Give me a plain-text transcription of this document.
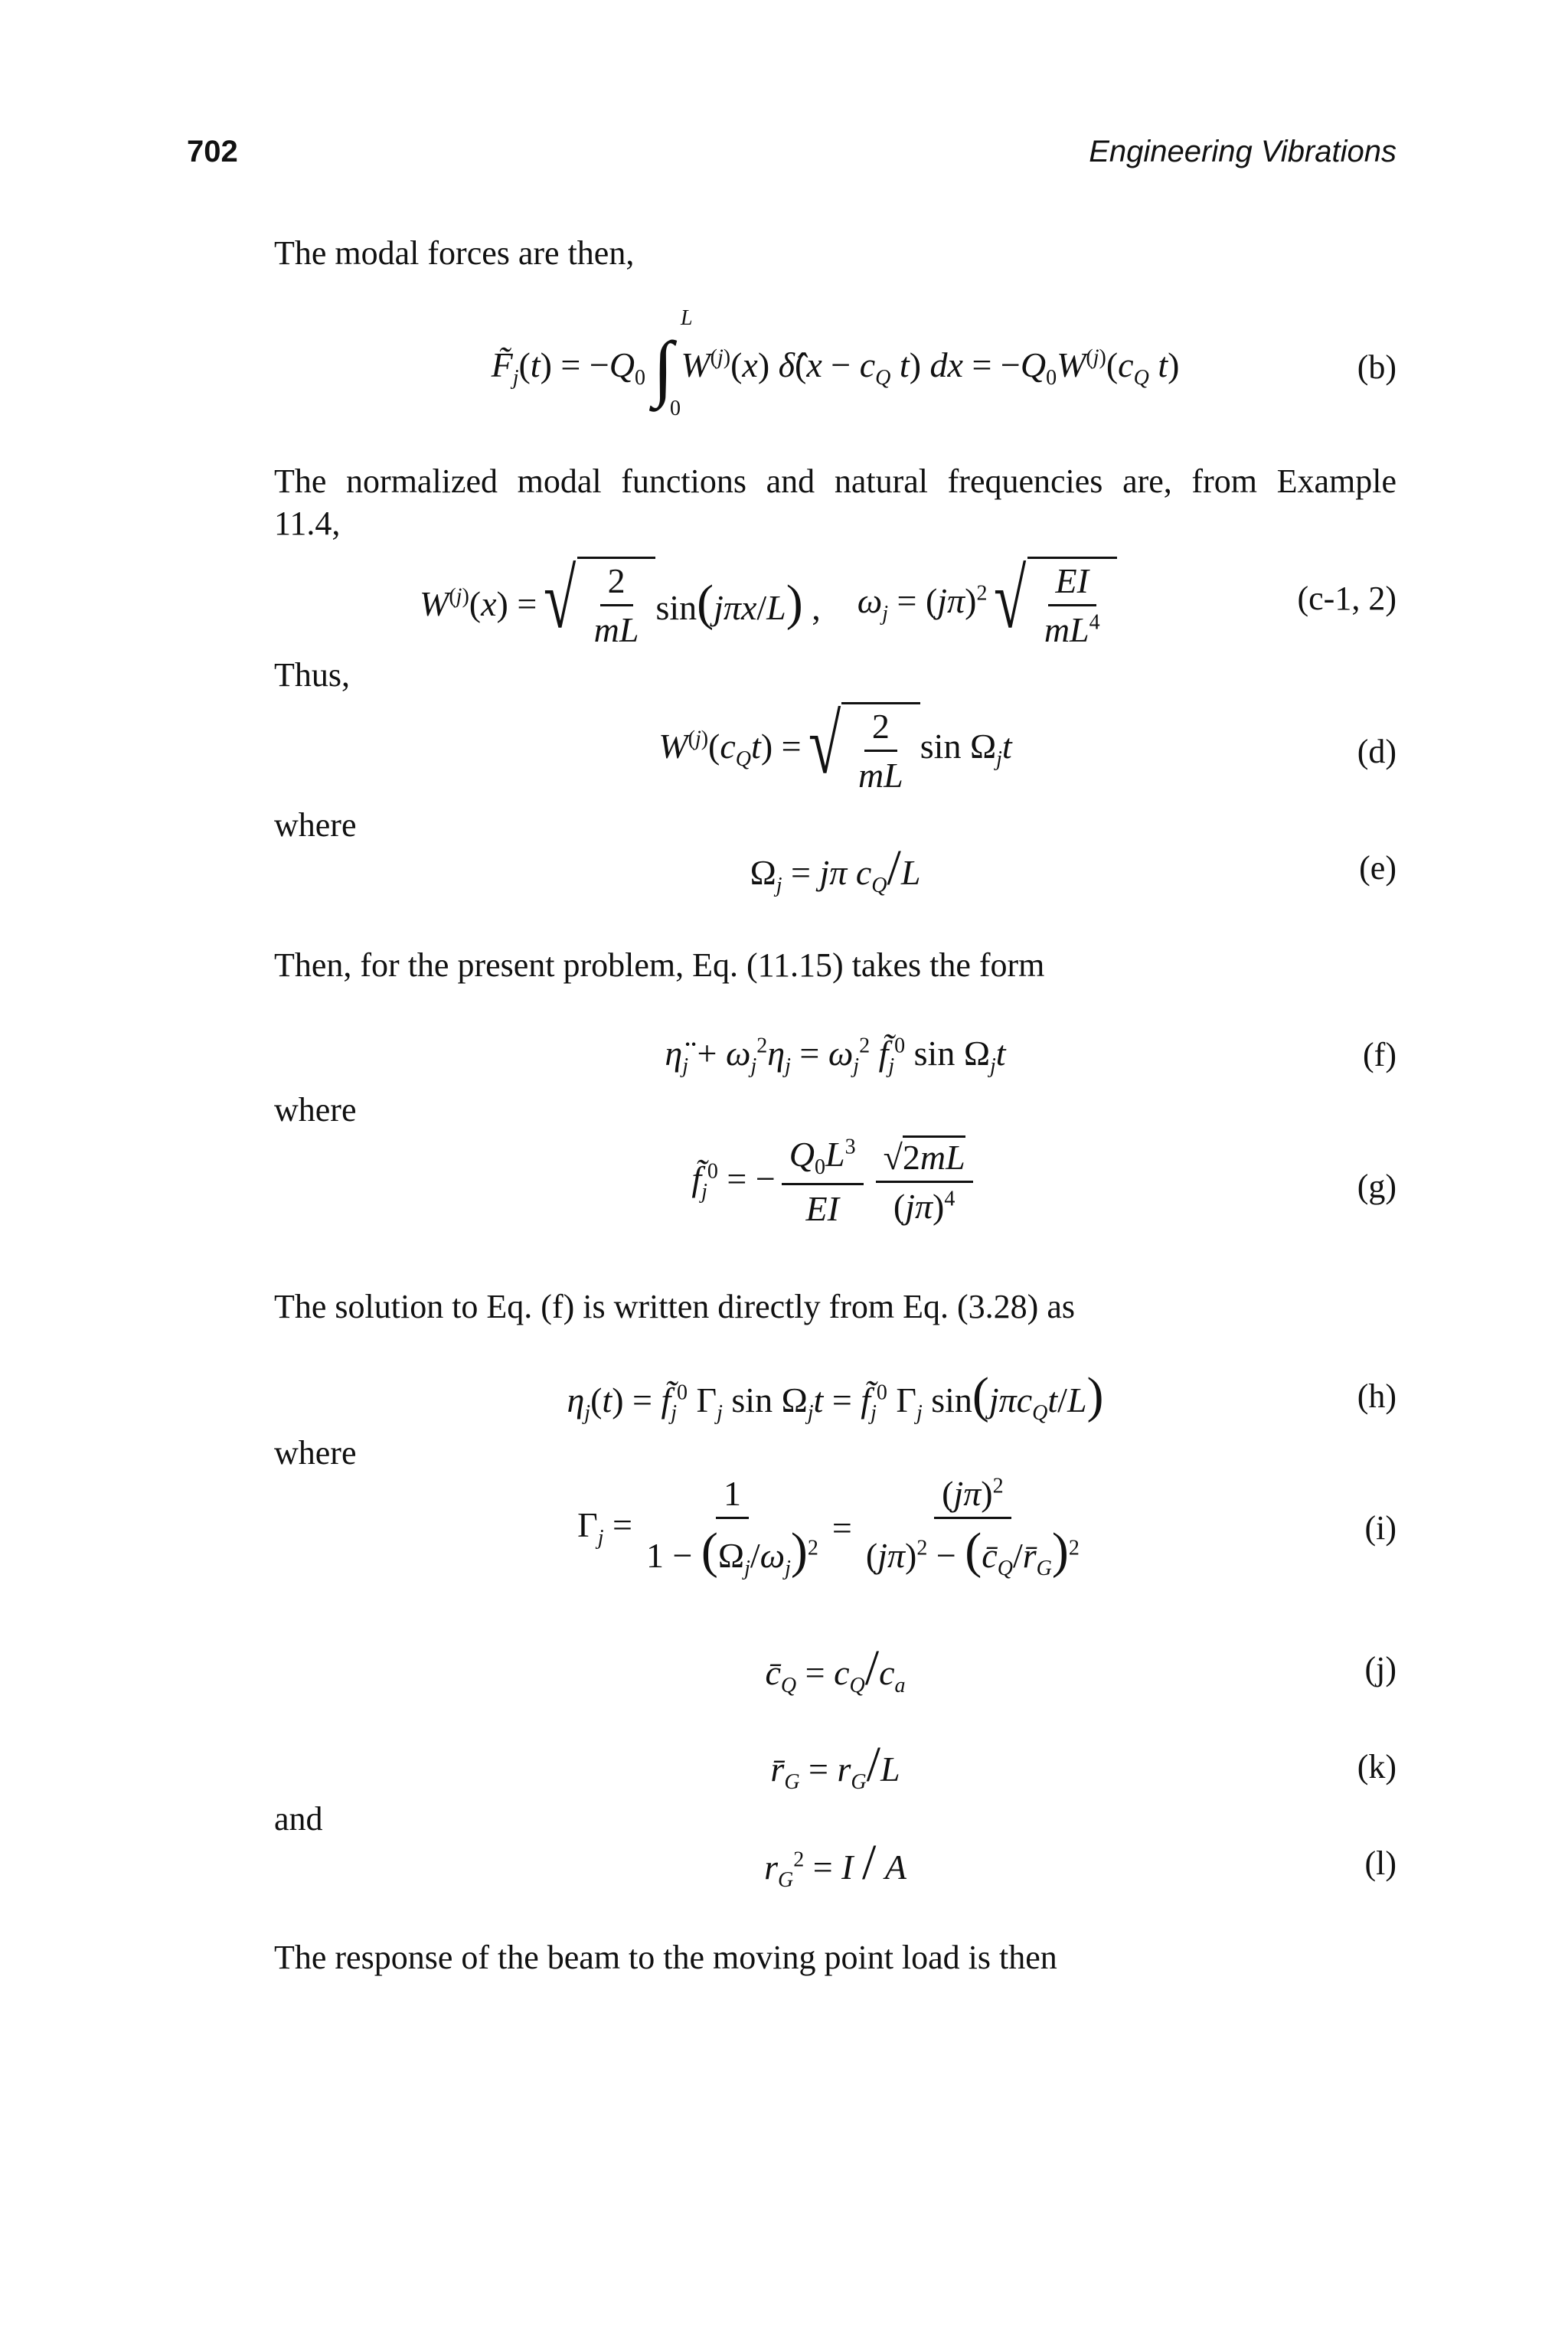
702	Engineering Vibrations
The modal forces are then,
$F̃_j(t) = -Q_0$ ∫
L
0
$W^{(j)}(x)$ δ̂(x − $c_Q$ t) dx = $-Q_0W^{(j)}(c_Q$ t)	(b)
The normalized modal functions and natural frequencies are, from Example
11.4,
$W^{(j)}(x)$ = √ $\frac{2}{mL} \sin(j\pi x/L)$ , $\omega_j = (j\pi)^2$ √ $\frac{EI}{mL^4}$	(c-1, 2)
Thus,
$W^{(j)}(c_Qt)$ = √ $\frac{2}{mL}$ $\sin \Omega_jt$	(d)
where
$\Omega_j = j\pi$ $c_Q/L$	(e)
Then, for the present problem, Eq. (11.15) takes the form
$\etä_j + \omega_j^2\eta_j = \omega_j^2$ $f̃_j^0$ $\sin \Omega_jt$	(f)
where
$f̃_j^0$ = − $\frac{Q_0L^3}{EI} \frac{√2mL}{(j\pi)^4}$	(g)
The solution to Eq. (f) is written directly from Eq. (3.28) as
$\eta_j(t)$ = $f̃_j^0$ $\Gamma_j$ $\sin \Omega_jt$ = $f̃_j^0$ $\Gamma_j$ sin(jπc$_Q$t/L)	(h)
where
$\Gamma_j = \frac{1}{1 - (\Omega_j/\omega_j)^2} = \frac{(j\pi)^2}{(j\pi)^2 - (c̄_Q/r̄_G)^2}$	(i)
$c̄_Q = c_Q/c_a$	(j)
$r̄_G = r_G/L$	(k)
and
$r_G^2 = I / A$	(l)
The response of the beam to the moving point load is then
